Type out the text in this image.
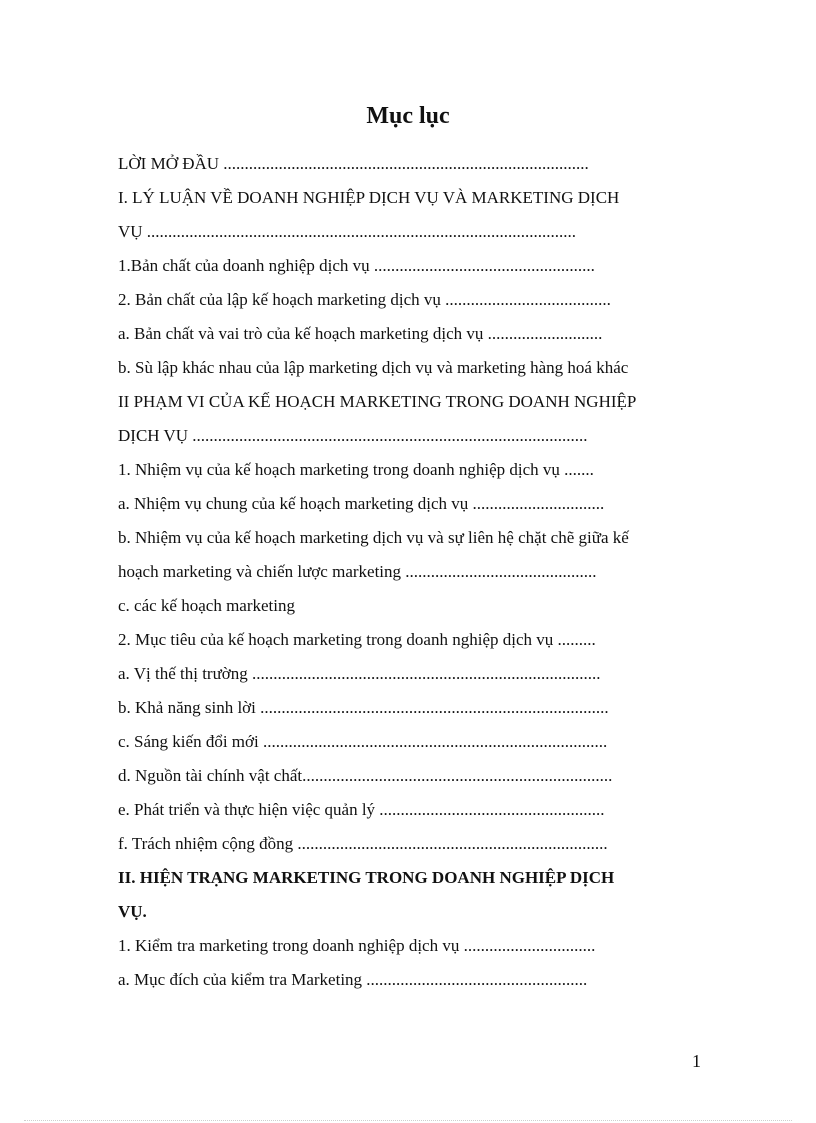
Mục lục
LỜI MỞ ĐẦU ......................................................................................
I. LÝ LUẬN VỀ DOANH NGHIỆP DỊCH VỤ VÀ MARKETING DỊCH
VỤ .....................................................................................................
1.Bản chất của doanh nghiệp dịch vụ ....................................................
2. Bản chất của lập kế hoạch marketing dịch vụ .......................................
a. Bản chất và vai trò của kế hoạch marketing dịch vụ ...........................
b. Sù lập khác nhau của lập marketing dịch vụ và marketing hàng hoá khác
II PHẠM VI CỦA KẾ HOẠCH MARKETING TRONG DOANH NGHIỆP
DỊCH VỤ .............................................................................................
1. Nhiệm vụ của kế hoạch marketing trong doanh nghiệp dịch vụ .......
a. Nhiệm vụ chung của kế hoạch marketing dịch vụ ...............................
b. Nhiệm vụ của kế hoạch marketing dịch vụ và sự liên hệ chặt chẽ giữa kế
hoạch marketing và chiến lược marketing .............................................
c. các kế hoạch marketing
2. Mục tiêu của kế hoạch marketing trong doanh nghiệp dịch vụ .........
a. Vị thế thị trường ..................................................................................
b. Khả năng sinh lời ..................................................................................
c. Sáng kiến đổi mới .................................................................................
d. Nguồn tài chính vật chất.........................................................................
e. Phát triển và thực hiện việc quản lý .....................................................
f. Trách nhiệm cộng đồng .........................................................................
II. HIỆN TRẠNG MARKETING TRONG DOANH NGHIỆP DỊCH
VỤ.
1. Kiểm tra marketing trong doanh nghiệp dịch vụ ...............................
a. Mục đích của kiểm tra Marketing ....................................................
1
